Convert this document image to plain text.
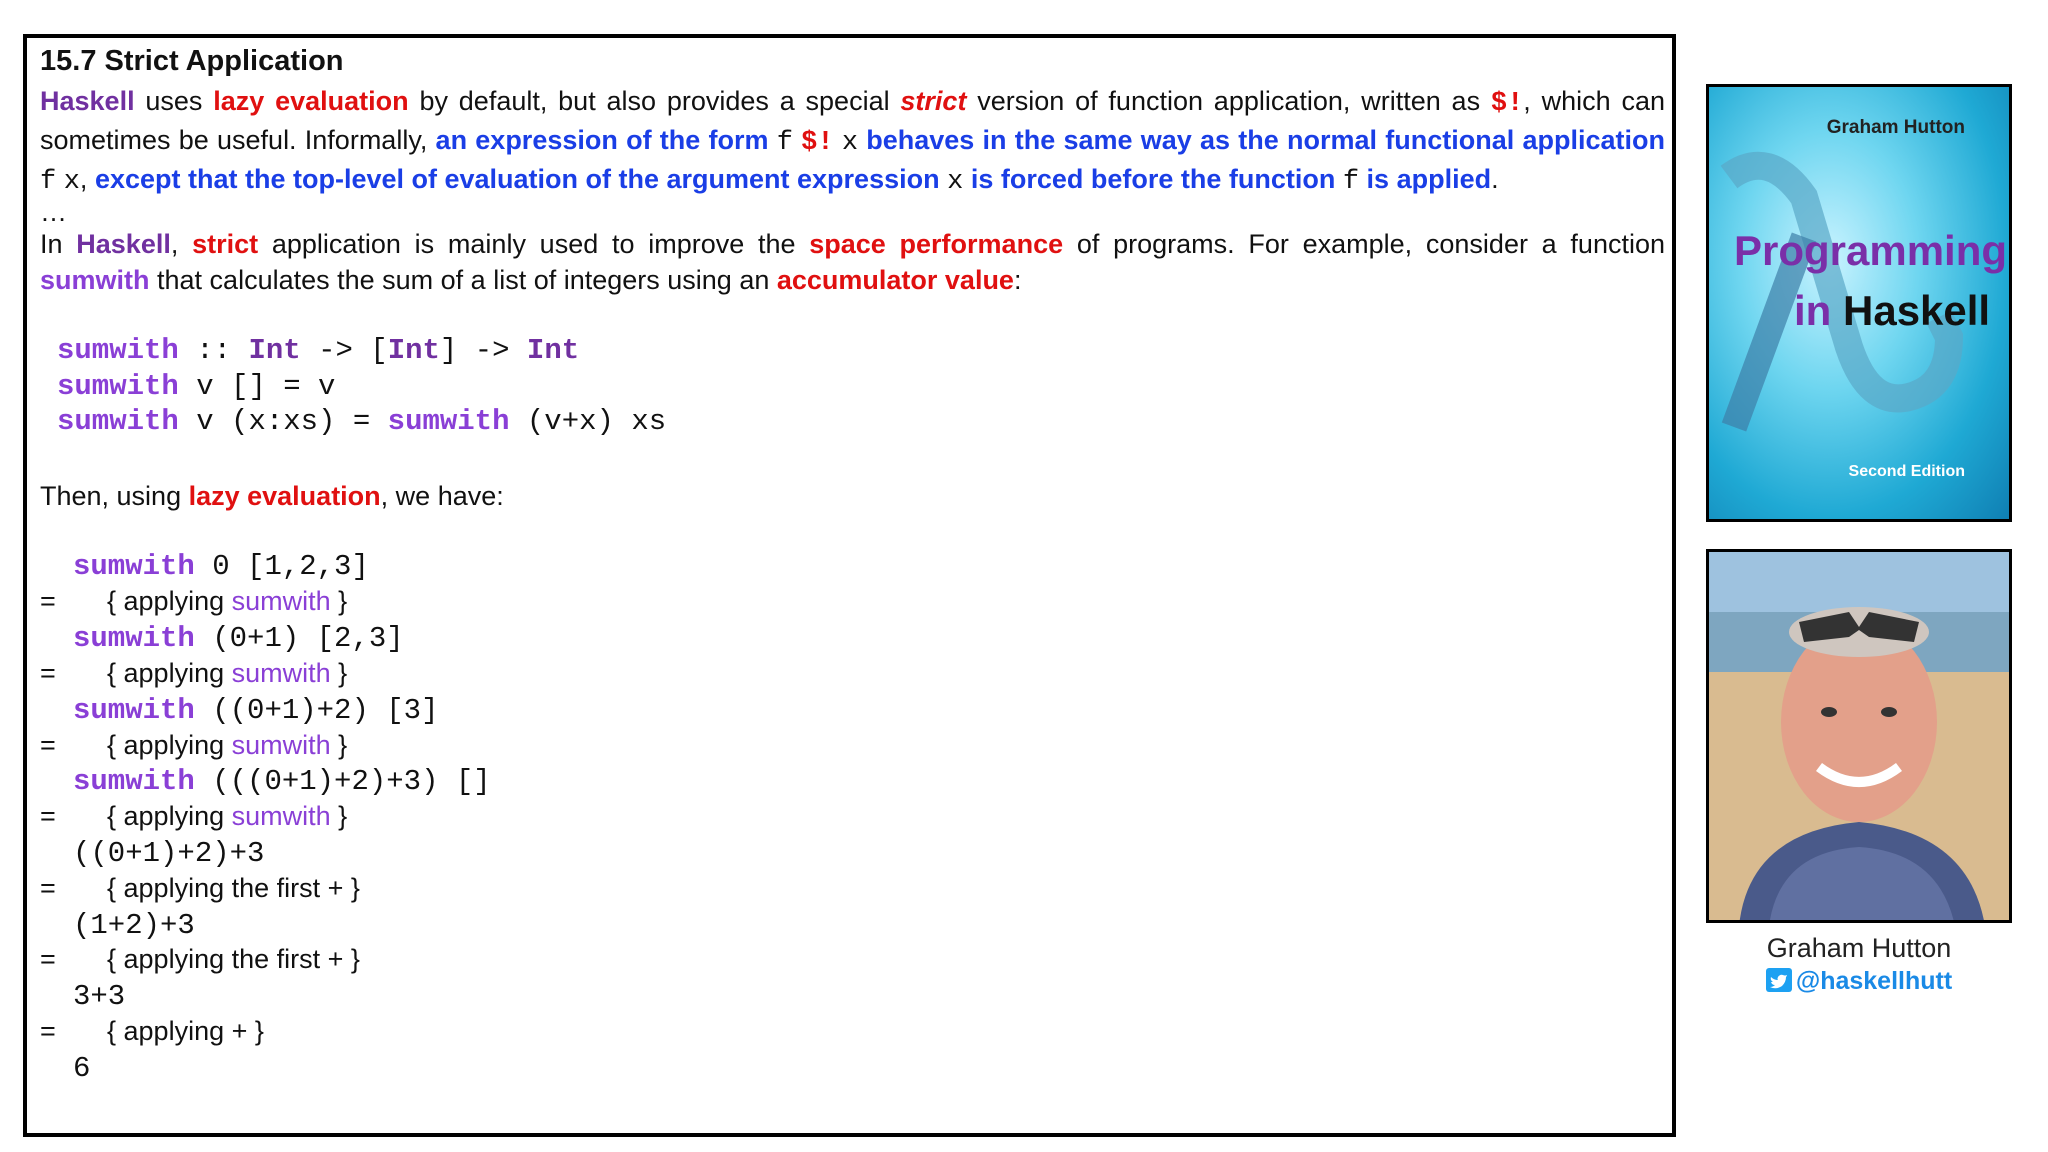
15.7 Strict Application
Haskell uses lazy evaluation by default, but also provides a special strict version of function application, written as $!, which can sometimes be useful. Informally, an expression of the form f $! x behaves in the same way as the normal functional application f x, except that the top-level of evaluation of the argument expression x is forced before the function f is applied.
…
In Haskell, strict application is mainly used to improve the space performance of programs. For example, consider a function sumwith that calculates the sum of a list of integers using an accumulator value:
sumwith :: Int -> [Int] -> Int
sumwith v [] = v
sumwith v (x:xs) = sumwith (v+x) xs
Then, using lazy evaluation, we have:
sumwith 0 [1,2,3]
= { applying sumwith }
sumwith (0+1) [2,3]
= { applying sumwith }
sumwith ((0+1)+2) [3]
= { applying sumwith }
sumwith (((0+1)+2)+3) []
= { applying sumwith }
((0+1)+2)+3
= { applying the first + }
(1+2)+3
= { applying the first + }
3+3
= { applying + }
6
Graham Hutton
Programming
in Haskell
Second Edition
Graham Hutton
@haskellhutt
